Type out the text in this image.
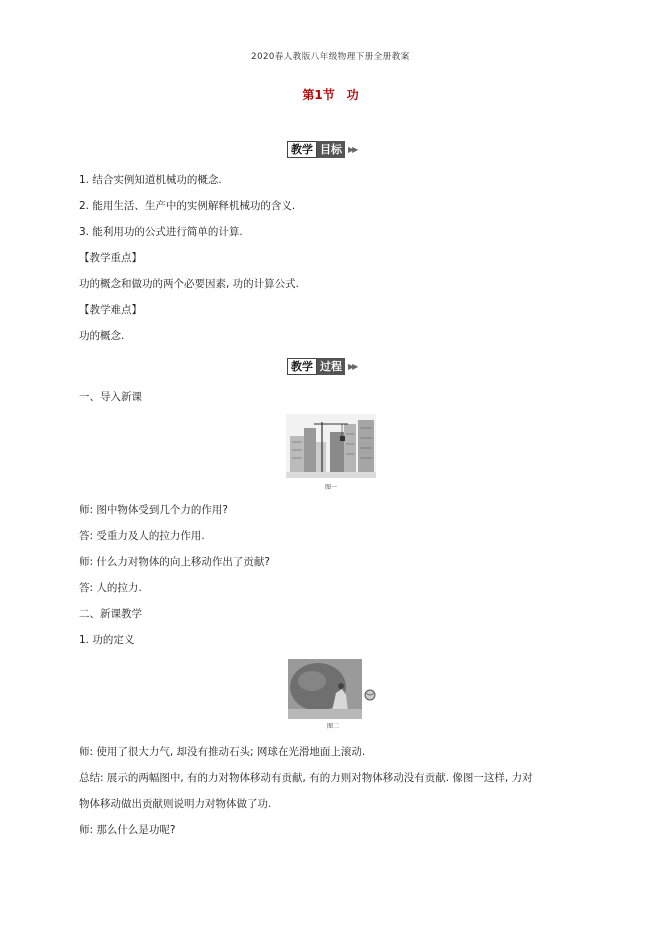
2020春人教版八年级物理下册全册教案
第1节　功
教学 目标 ▶▶
1. 结合实例知道机械功的概念.
2. 能用生活、生产中的实例解释机械功的含义.
3. 能利用功的公式进行简单的计算.
【教学重点】
功的概念和做功的两个必要因素, 功的计算公式.
【教学难点】
功的概念.
教学 过程 ▶▶
一、导入新课
图一
师: 图中物体受到几个力的作用?
答: 受重力及人的拉力作用.
师: 什么力对物体的向上移动作出了贡献?
答: 人的拉力.
二、新课教学
1. 功的定义
图二
师: 使用了很大力气, 却没有推动石头; 网球在光滑地面上滚动.
总结: 展示的两幅图中, 有的力对物体移动有贡献, 有的力则对物体移动没有贡献. 像图一这样, 力对
物体移动做出贡献则说明力对物体做了功.
师: 那么什么是功呢?
